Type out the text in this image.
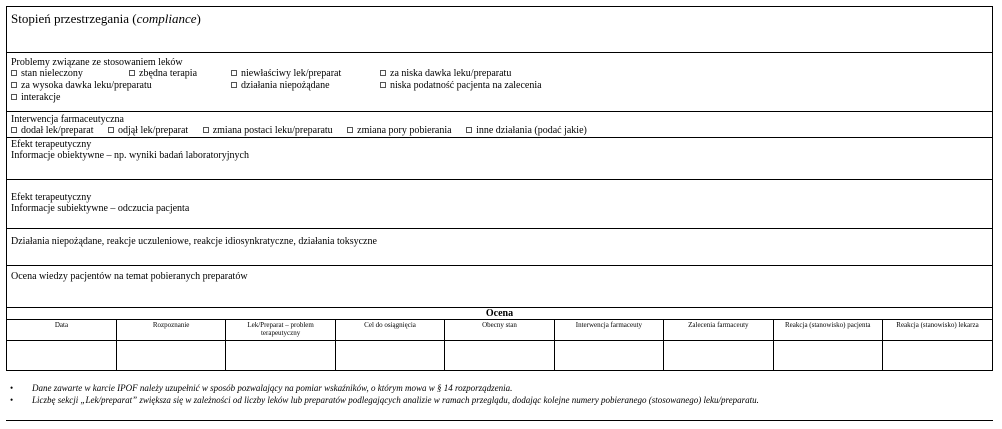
Stopień przestrzegania (compliance)
Problemy związane ze stosowaniem leków
stan nieleczony	zbędna terapia	niewłaściwy lek/preparat	za niska dawka leku/preparatu
za wysoka dawka leku/preparatu	działania niepożądane	niska podatność pacjenta na zalecenia
interakcje
Interwencja farmaceutyczna
dodał lek/preparat odjął lek/preparat zmiana postaci leku/preparatu zmiana pory pobierania inne działania (podać jakie)
Efekt terapeutyczny
Informacje obiektywne – np. wyniki badań laboratoryjnych
Efekt terapeutyczny
Informacje subiektywne – odczucia pacjenta
Działania niepożądane, reakcje uczuleniowe, reakcje idiosynkratyczne, działania toksyczne
Ocena wiedzy pacjentów na temat pobieranych preparatów
Ocena
Data	Rozpoznanie	Lek/Preparat – problem terapeutyczny	Cel do osiągnięcia	Obecny stan	Interwencja farmaceuty	Zalecenia farmaceuty	Reakcja (stanowisko) pacjenta	Reakcja (stanowisko) lekarza

• Dane zawarte w karcie IPOF należy uzupełnić w sposób pozwalający na pomiar wskaźników, o którym mowa w § 14 rozporządzenia.
• Liczbę sekcji „Lek/preparat” zwiększa się w zależności od liczby leków lub preparatów podlegających analizie w ramach przeglądu, dodając kolejne numery pobieranego (stosowanego) leku/preparatu.
